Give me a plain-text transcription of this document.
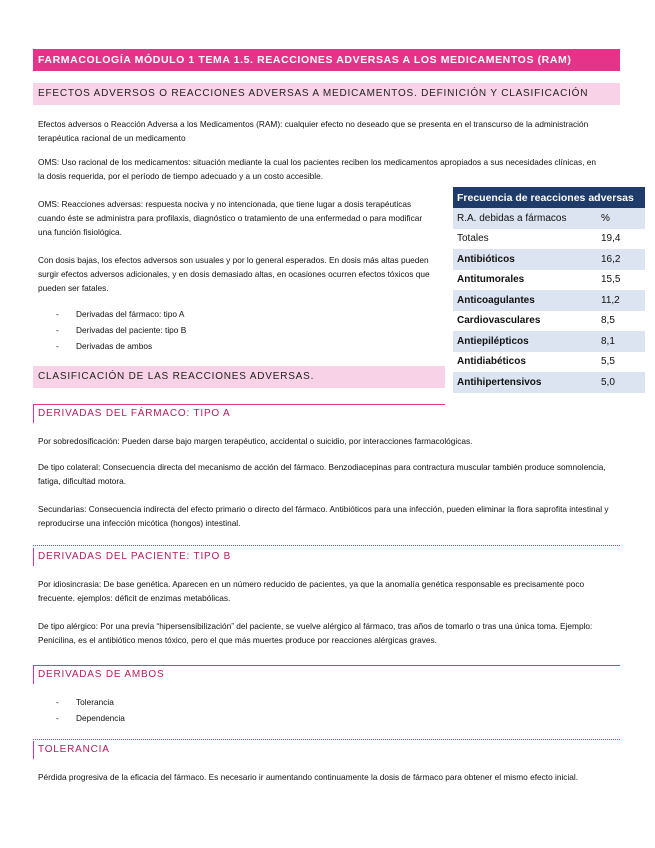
FARMACOLOGÍA MÓDULO 1 TEMA 1.5. REACCIONES ADVERSAS A LOS MEDICAMENTOS (RAM)
EFECTOS ADVERSOS O REACCIONES ADVERSAS A MEDICAMENTOS. DEFINICIÓN Y CLASIFICACIÓN
Efectos adversos o Reacción Adversa a los Medicamentos (RAM): cualquier efecto no deseado que se presenta en el transcurso de la administración terapéutica racional de un medicamento
OMS: Uso racional de los medicamentos: situación mediante la cual los pacientes reciben los medicamentos apropiados a sus necesidades clínicas, en la dosis requerida, por el período de tiempo adecuado y a un costo accesible.
OMS: Reacciones adversas: respuesta nociva y no intencionada, que tiene lugar a dosis terapéuticas cuando éste se administra para profilaxis, diagnóstico o tratamiento de una enfermedad o para modificar una función fisiológica.
Con dosis bajas, los efectos adversos son usuales y por lo general esperados. En dosis más altas pueden surgir efectos adversos adicionales, y en dosis demasiado altas, en ocasiones ocurren efectos tóxicos que pueden ser fatales.
- Derivadas del fármaco: tipo A
- Derivadas del paciente: tipo B
- Derivadas de ambos
Frecuencia de reacciones adversas	
R.A. debidas a fármacos	%
Totales	19,4
Antibióticos	16,2
Antitumorales	15,5
Anticoagulantes	11,2
Cardiovasculares	8,5
Antiepilépticos	8,1
Antidiabéticos	5,5
Antihipertensivos	5,0
CLASIFICACIÓN DE LAS REACCIONES ADVERSAS.
DERIVADAS DEL FÁRMACO: TIPO A
Por sobredosificación: Pueden darse bajo margen terapéutico, accidental o suicidio, por interacciones farmacológicas.
De tipo colateral: Consecuencia directa del mecanismo de acción del fármaco. Benzodiacepinas para contractura muscular también produce somnolencia, fatiga, dificultad motora.
Secundarias: Consecuencia indirecta del efecto primario o directo del fármaco. Antibióticos para una infección, pueden eliminar la flora saprofita intestinal y reproducirse una infección micótica (hongos) intestinal.
DERIVADAS DEL PACIENTE: TIPO B
Por idiosincrasia: De base genética. Aparecen en un número reducido de pacientes, ya que la anomalía genética responsable es precisamente poco frecuente. ejemplos: déficit de enzimas metabólicas.
De tipo alérgico: Por una previa “hipersensibilización” del paciente, se vuelve alérgico al fármaco, tras años de tomarlo o tras una única toma. Ejemplo: Penicilina, es el antibiótico menos tóxico, pero el que más muertes produce por reacciones alérgicas graves.
DERIVADAS DE AMBOS
- Tolerancia
- Dependencia
TOLERANCIA
Pérdida progresiva de la eficacia del fármaco. Es necesario ir aumentando continuamente la dosis de fármaco para obtener el mismo efecto inicial.
